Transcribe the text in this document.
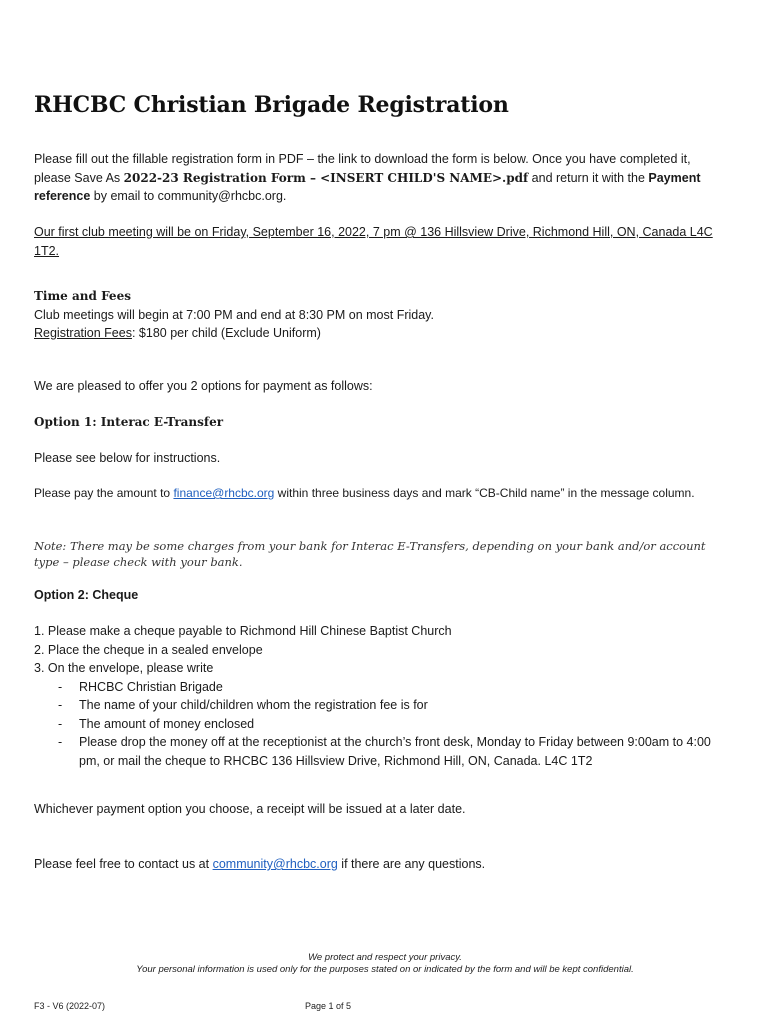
RHCBC Christian Brigade Registration

Please fill out the fillable registration form in PDF – the link to download the form is below. Once you have completed it, please Save As 2022-23 Registration Form – <INSERT CHILD'S NAME>.pdf and return it with the Payment reference by email to community@rhcbc.org.

Our first club meeting will be on Friday, September 16, 2022, 7 pm @ 136 Hillsview Drive, Richmond Hill, ON, Canada L4C 1T2.

Time and Fees
Club meetings will begin at 7:00 PM and end at 8:30 PM on most Friday.
Registration Fees: $180 per child (Exclude Uniform)

We are pleased to offer you 2 options for payment as follows:

Option 1: Interac E-Transfer

Please see below for instructions.

Please pay the amount to finance@rhcbc.org within three business days and mark “CB-Child name” in the message column.

Note: There may be some charges from your bank for Interac E-Transfers, depending on your bank and/or account type – please check with your bank.

Option 2: Cheque
1. Please make a cheque payable to Richmond Hill Chinese Baptist Church
2. Place the cheque in a sealed envelope
3. On the envelope, please write
- RHCBC Christian Brigade
- The name of your child/children whom the registration fee is for
- The amount of money enclosed
- Please drop the money off at the receptionist at the church’s front desk, Monday to Friday between 9:00am to 4:00 pm, or mail the cheque to RHCBC 136 Hillsview Drive, Richmond Hill, ON, Canada. L4C 1T2

Whichever payment option you choose, a receipt will be issued at a later date.

Please feel free to contact us at community@rhcbc.org if there are any questions.

We protect and respect your privacy.
Your personal information is used only for the purposes stated on or indicated by the form and will be kept confidential.
F3 - V6 (2022-07)	Page 1 of 5
